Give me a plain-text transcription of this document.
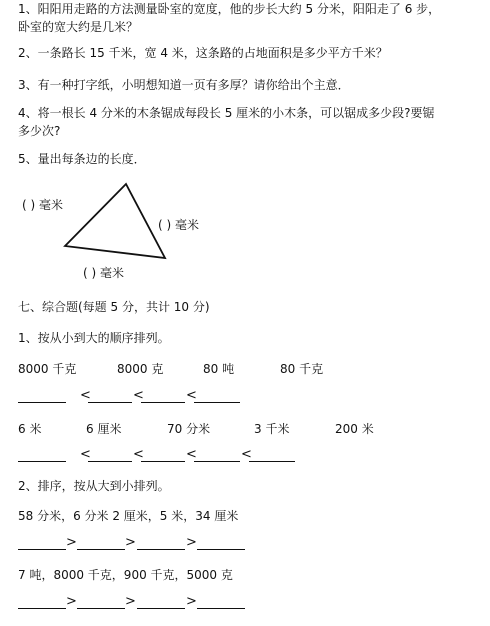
1、阳阳用走路的方法测量卧室的宽度，他的步长大约 5 分米，阳阳走了 6 步，
卧室的宽大约是几米？
2、一条路长 15 千米，宽 4 米，这条路的占地面积是多少平方千米？
3、有一种打字纸，小明想知道一页有多厚？请你给出个主意．
4、将一根长 4 分米的木条锯成每段长 5 厘米的小木条，可以锯成多少段?要锯
多少次?
5、量出每条边的长度．
( ) 毫米
( ) 毫米
( ) 毫米
七、综合题(每题 5 分，共计 10 分)
1、按从小到大的顺序排列。
8000 千克	8000 克	80 吨	80 千克
<	<	<
6 米	6 厘米	70 分米	3 千米	200 米
<	<	<	<
2、排序，按从大到小排列。
58 分米，6 分米 2 厘米，5 米，34 厘米
>	>	>
7 吨，8000 千克，900 千克，5000 克
>	>	>
